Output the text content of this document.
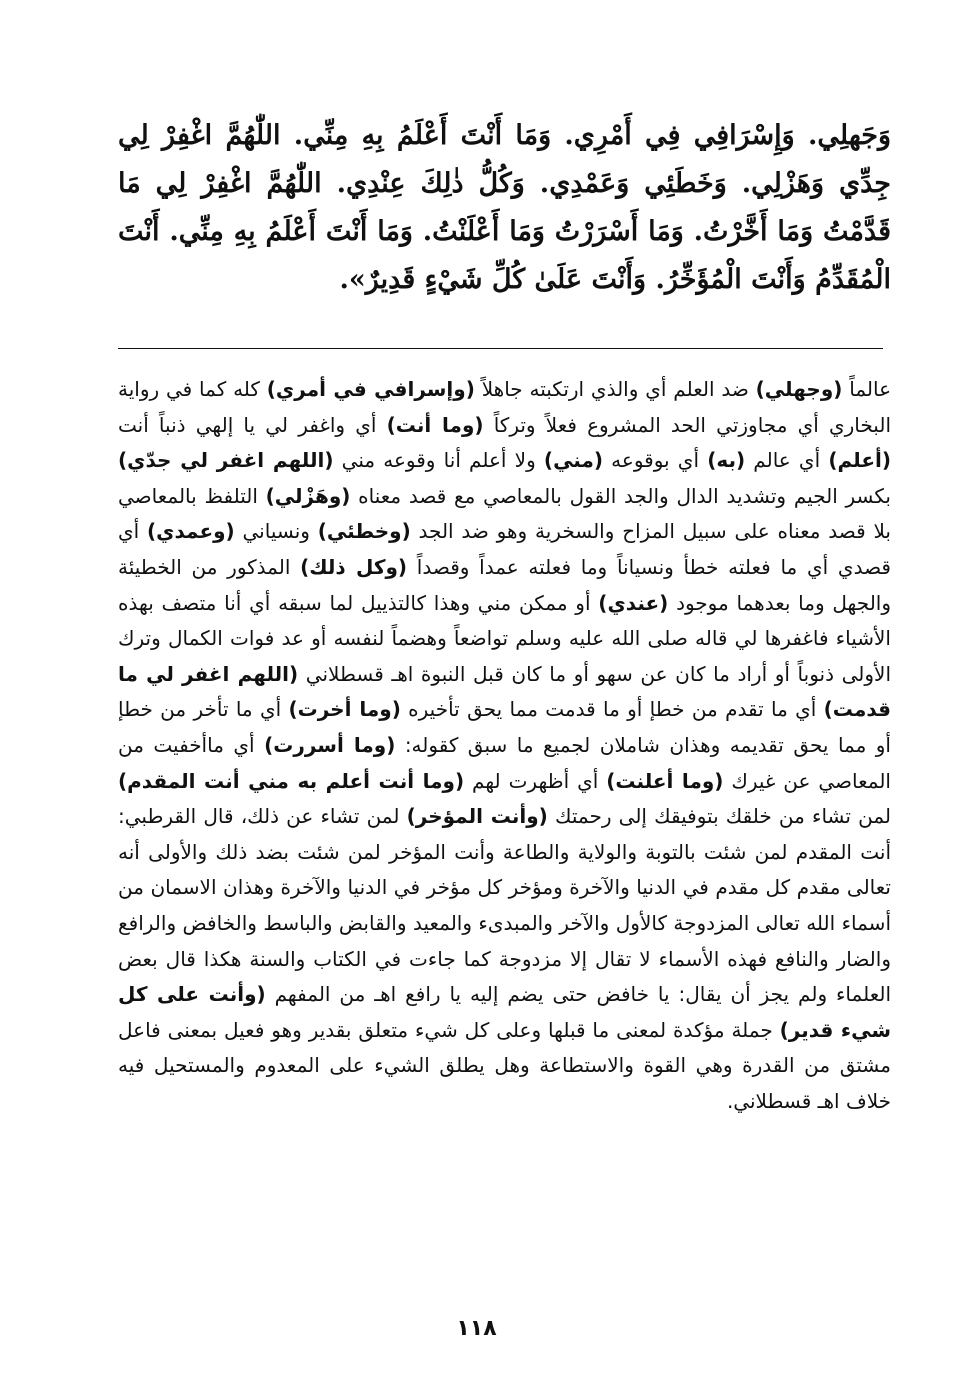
وَجَهلِي. وَإِسْرَافِي فِي أَمْرِي. وَمَا أَنْتَ أَعْلَمُ بِهِ مِنِّي. اللّٰهُمَّ اغْفِرْ لِي جِدِّي وَهَزْلِي. وَخَطَئِي وَعَمْدِي. وَكُلُّ ذٰلِكَ عِنْدِي. اللّٰهُمَّ اغْفِرْ لِي مَا قَدَّمْتُ وَمَا أَخَّرْتُ. وَمَا أَسْرَرْتُ وَمَا أَعْلَنْتُ. وَمَا أَنْتَ أَعْلَمُ بِهِ مِنِّي. أَنْتَ الْمُقَدِّمُ وَأَنْتَ الْمُؤَخِّرُ. وَأَنْتَ عَلَىٰ كُلِّ شَيْءٍ قَدِيرٌ».
عالماً (وجهلي) ضد العلم أي والذي ارتكبته جاهلاً (وإسرافي في أمري) كله كما في رواية البخاري أي مجاوزتي الحد المشروع فعلاً وتركاً (وما أنت) أي واغفر لي يا إلهي ذنباً أنت (أعلم) أي عالم (به) أي بوقوعه (مني) ولا أعلم أنا وقوعه مني (اللهم اغفر لي جدّي) بكسر الجيم وتشديد الدال والجد القول بالمعاصي مع قصد معناه (وهَزْلي) التلفظ بالمعاصي بلا قصد معناه على سبيل المزاح والسخرية وهو ضد الجد (وخطئي) ونسياني (وعمدي) أي قصدي أي ما فعلته خطأ ونسياناً وما فعلته عمداً وقصداً (وكل ذلك) المذكور من الخطيئة والجهل وما بعدهما موجود (عندي) أو ممكن مني وهذا كالتذييل لما سبقه أي أنا متصف بهذه الأشياء فاغفرها لي قاله صلى الله عليه وسلم تواضعاً وهضماً لنفسه أو عد فوات الكمال وترك الأولى ذنوباً أو أراد ما كان عن سهو أو ما كان قبل النبوة اهـ قسطلاني (اللهم اغفر لي ما قدمت) أي ما تقدم من خطإ أو ما قدمت مما يحق تأخيره (وما أخرت) أي ما تأخر من خطإ أو مما يحق تقديمه وهذان شاملان لجميع ما سبق كقوله: (وما أسررت) أي ماأخفيت من المعاصي عن غيرك (وما أعلنت) أي أظهرت لهم (وما أنت أعلم به مني أنت المقدم) لمن تشاء من خلقك بتوفيقك إلى رحمتك (وأنت المؤخر) لمن تشاء عن ذلك، قال القرطبي: أنت المقدم لمن شئت بالتوبة والولاية والطاعة وأنت المؤخر لمن شئت بضد ذلك والأولى أنه تعالى مقدم كل مقدم في الدنيا والآخرة ومؤخر كل مؤخر في الدنيا والآخرة وهذان الاسمان من أسماء الله تعالى المزدوجة كالأول والآخر والمبدىء والمعيد والقابض والباسط والخافض والرافع والضار والنافع فهذه الأسماء لا تقال إلا مزدوجة كما جاءت في الكتاب والسنة هكذا قال بعض العلماء ولم يجز أن يقال: يا خافض حتى يضم إليه يا رافع اهـ من المفهم (وأنت على كل شيء قدير) جملة مؤكدة لمعنى ما قبلها وعلى كل شيء متعلق بقدير وهو فعيل بمعنى فاعل مشتق من القدرة وهي القوة والاستطاعة وهل يطلق الشيء على المعدوم والمستحيل فيه خلاف اهـ قسطلاني.
١١٨
